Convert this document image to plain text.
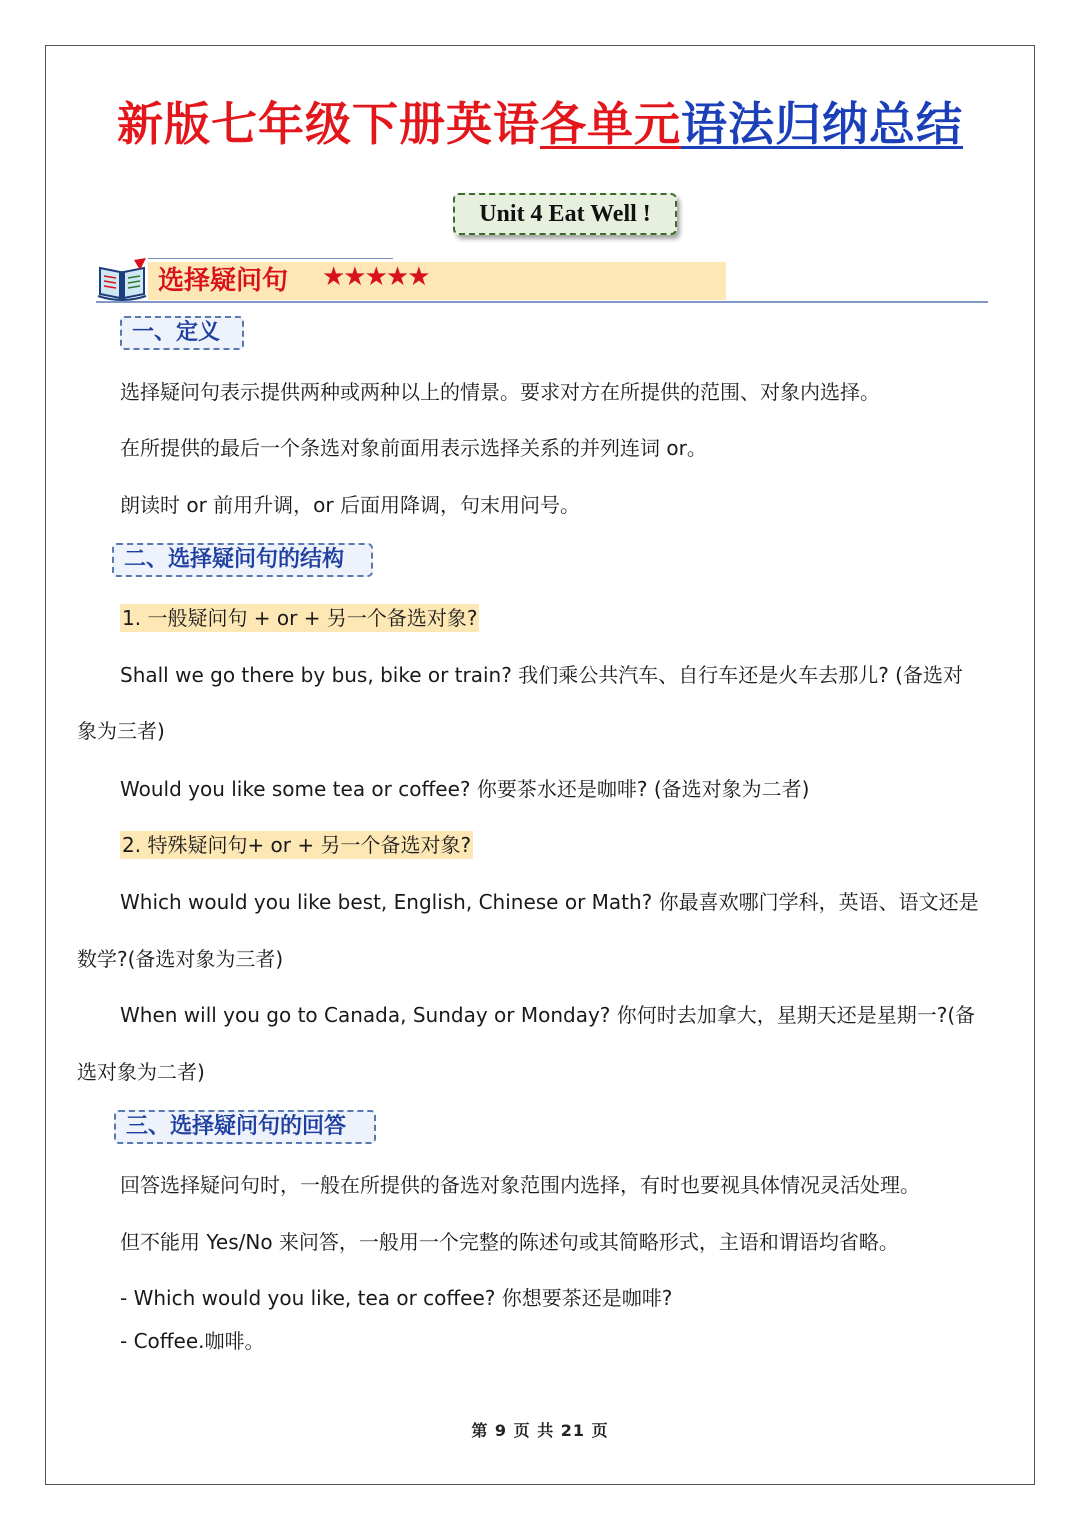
新版七年级下册英语各单元语法归纳总结
Unit 4 Eat Well !
选择疑问句 ★★★★★
一、定义
选择疑问句表示提供两种或两种以上的情景。要求对方在所提供的范围、对象内选择。
在所提供的最后一个条选对象前面用表示选择关系的并列连词 or。
朗读时 or 前用升调，or 后面用降调，句末用问号。
二、选择疑问句的结构
1. 一般疑问句 + or + 另一个备选对象?
Shall we go there by bus, bike or train? 我们乘公共汽车、自行车还是火车去那儿? (备选对
象为三者)
Would you like some tea or coffee? 你要茶水还是咖啡? (备选对象为二者)
2. 特殊疑问句+ or + 另一个备选对象?
Which would you like best, English, Chinese or Math? 你最喜欢哪门学科，英语、语文还是
数学?(备选对象为三者)
When will you go to Canada, Sunday or Monday? 你何时去加拿大，星期天还是星期一?(备
选对象为二者)
三、选择疑问句的回答
回答选择疑问句时，一般在所提供的备选对象范围内选择，有时也要视具体情况灵活处理。
但不能用 Yes/No 来问答，一般用一个完整的陈述句或其简略形式，主语和谓语均省略。
- Which would you like, tea or coffee? 你想要茶还是咖啡?
- Coffee.咖啡。
第 9 页 共 21 页
